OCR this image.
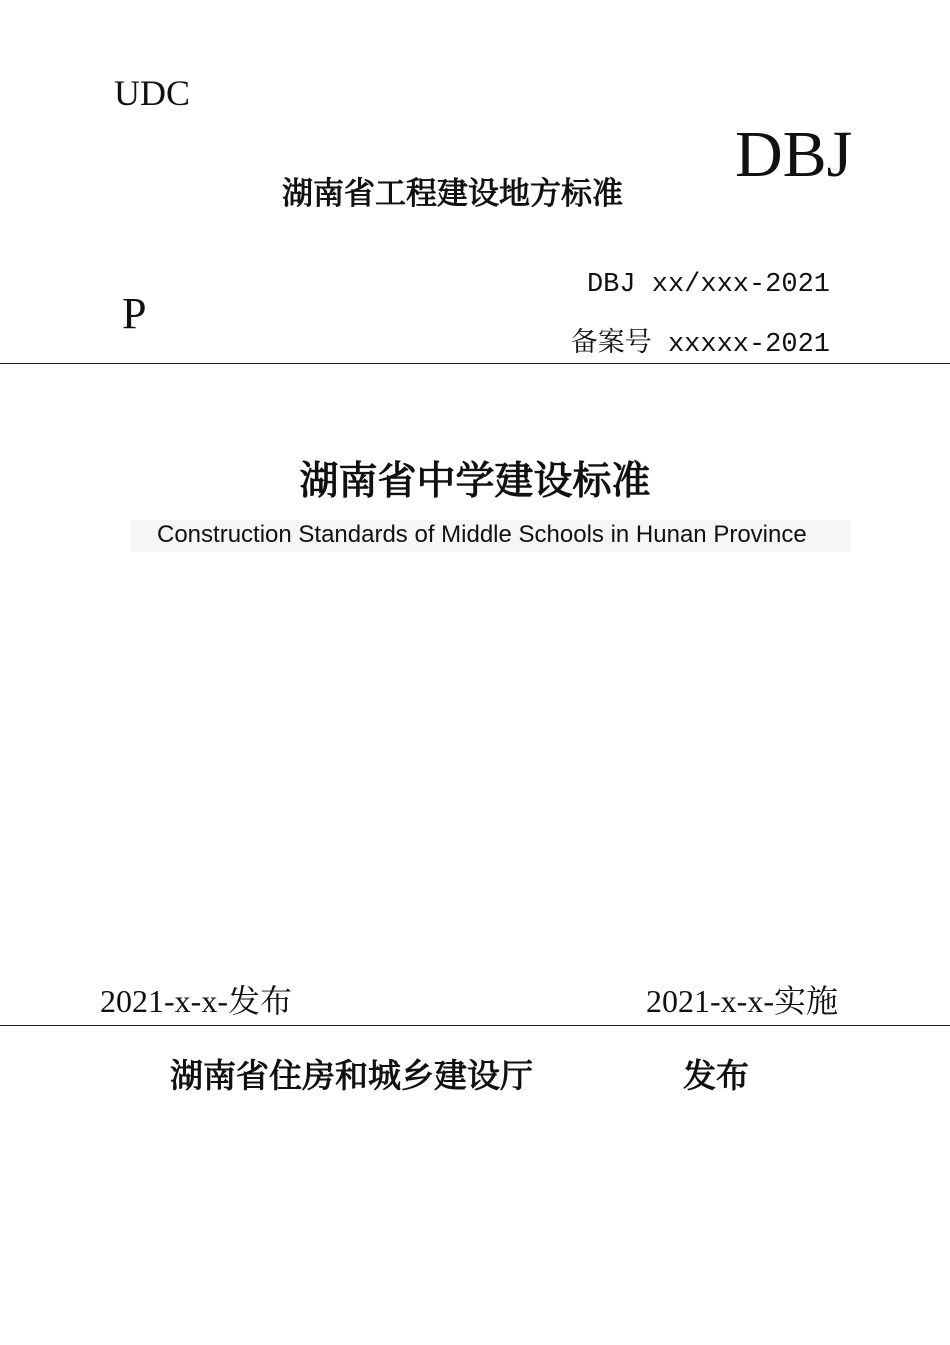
UDC
DBJ
湖南省工程建设地方标准
P
DBJ xx/xxx-2021
备案号 xxxxx-2021
湖南省中学建设标准
Construction Standards of Middle Schools in Hunan Province
2021-x-x-发布	2021-x-x-实施
湖南省住房和城乡建设厅	发布
